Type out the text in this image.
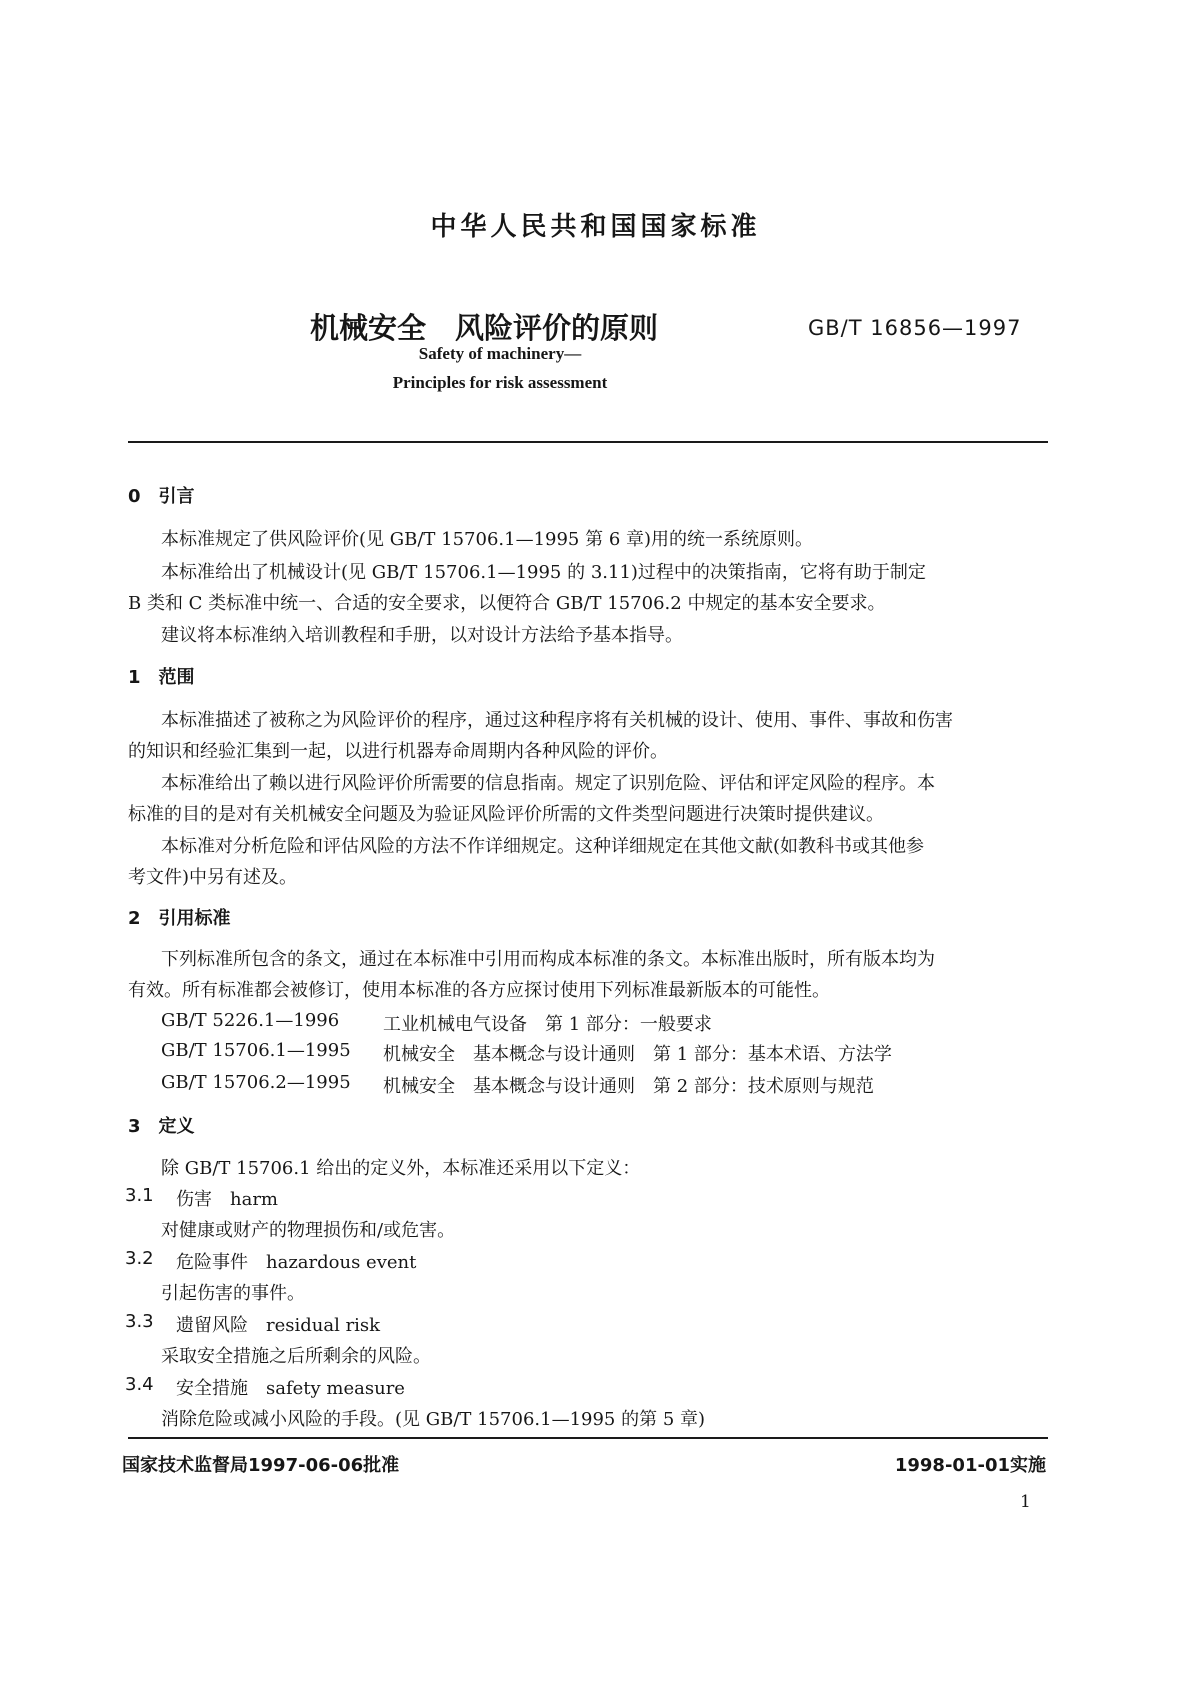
中华人民共和国国家标准
机械安全　风险评价的原则	GB/T 16856—1997
Safety of machinery—
Principles for risk assessment
0　引言
本标准规定了供风险评价(见 GB/T 15706.1—1995 第 6 章)用的统一系统原则。
本标准给出了机械设计(见 GB/T 15706.1—1995 的 3.11)过程中的决策指南，它将有助于制定
B 类和 C 类标准中统一、合适的安全要求，以便符合 GB/T 15706.2 中规定的基本安全要求。
建议将本标准纳入培训教程和手册，以对设计方法给予基本指导。
1　范围
本标准描述了被称之为风险评价的程序，通过这种程序将有关机械的设计、使用、事件、事故和伤害
的知识和经验汇集到一起，以进行机器寿命周期内各种风险的评价。
本标准给出了赖以进行风险评价所需要的信息指南。规定了识别危险、评估和评定风险的程序。本
标准的目的是对有关机械安全问题及为验证风险评价所需的文件类型问题进行决策时提供建议。
本标准对分析危险和评估风险的方法不作详细规定。这种详细规定在其他文献(如教科书或其他参
考文件)中另有述及。
2　引用标准
下列标准所包含的条文，通过在本标准中引用而构成本标准的条文。本标准出版时，所有版本均为
有效。所有标准都会被修订，使用本标准的各方应探讨使用下列标准最新版本的可能性。
GB/T 5226.1—1996 工业机械电气设备　第 1 部分：一般要求
GB/T 15706.1—1995 机械安全　基本概念与设计通则　第 1 部分：基本术语、方法学
GB/T 15706.2—1995 机械安全　基本概念与设计通则　第 2 部分：技术原则与规范
3　定义
除 GB/T 15706.1 给出的定义外，本标准还采用以下定义：
3.1 伤害　harm
对健康或财产的物理损伤和/或危害。
3.2 危险事件　hazardous event
引起伤害的事件。
3.3 遗留风险　residual risk
采取安全措施之后所剩余的风险。
3.4 安全措施　safety measure
消除危险或减小风险的手段。(见 GB/T 15706.1—1995 的第 5 章)
国家技术监督局1997-06-06批准	1998-01-01实施
1
